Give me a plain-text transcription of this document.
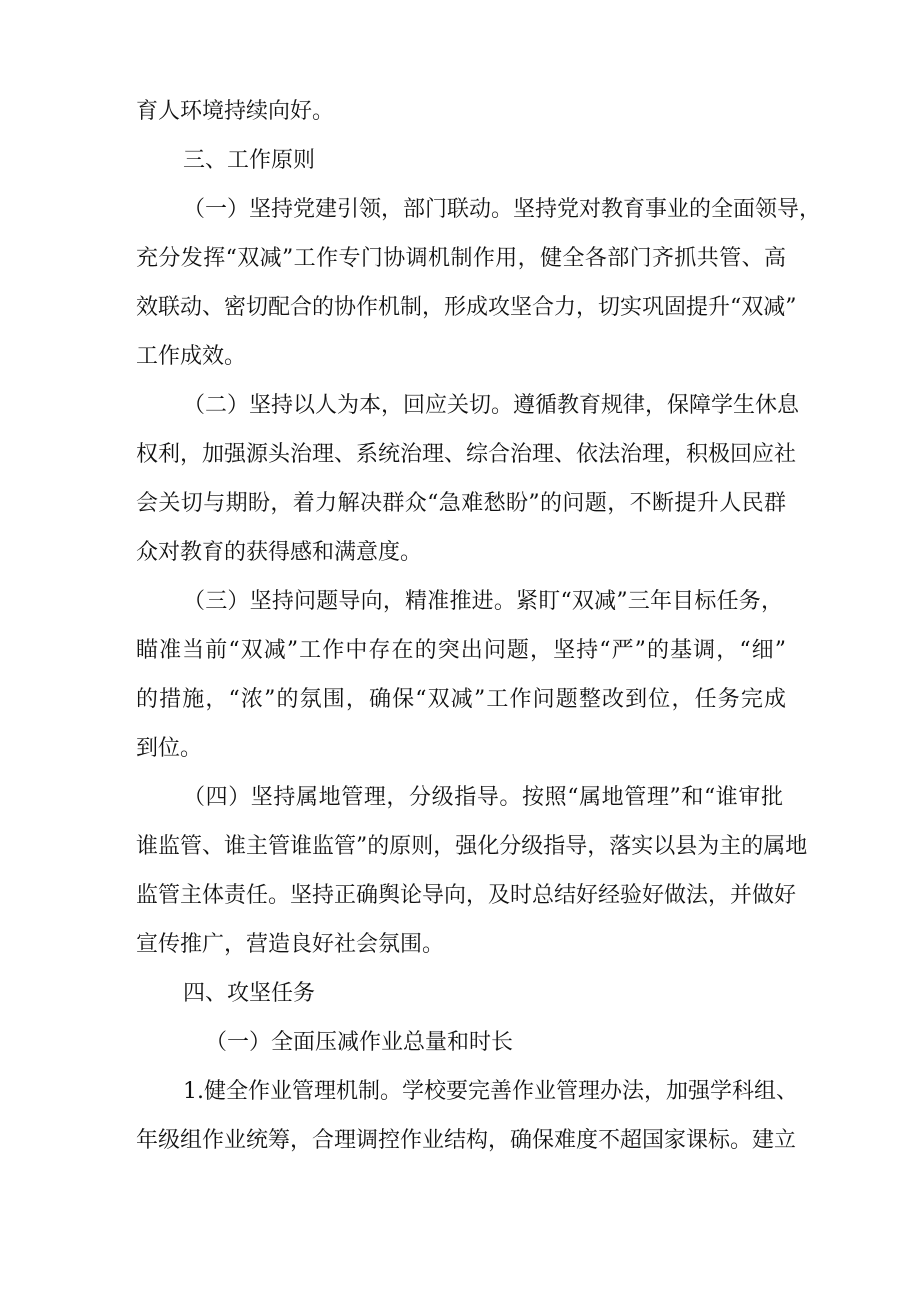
育人环境持续向好。
三、工作原则
（一）坚持党建引领，部门联动。坚持党对教育事业的全面领导，
充分发挥“双减”工作专门协调机制作用，健全各部门齐抓共管、高
效联动、密切配合的协作机制，形成攻坚合力，切实巩固提升“双减”
工作成效。
（二）坚持以人为本，回应关切。遵循教育规律，保障学生休息
权利，加强源头治理、系统治理、综合治理、依法治理，积极回应社
会关切与期盼，着力解决群众“急难愁盼”的问题，不断提升人民群
众对教育的获得感和满意度。
（三）坚持问题导向，精准推进。紧盯“双减”三年目标任务，
瞄准当前“双减”工作中存在的突出问题，坚持“严”的基调，“细”
的措施，“浓”的氛围，确保“双减”工作问题整改到位，任务完成
到位。
（四）坚持属地管理，分级指导。按照“属地管理”和“谁审批
谁监管、谁主管谁监管”的原则，强化分级指导，落实以县为主的属地
监管主体责任。坚持正确舆论导向，及时总结好经验好做法，并做好
宣传推广，营造良好社会氛围。
四、攻坚任务
（一）全面压减作业总量和时长
1.健全作业管理机制。学校要完善作业管理办法，加强学科组、
年级组作业统筹，合理调控作业结构，确保难度不超国家课标。建立
